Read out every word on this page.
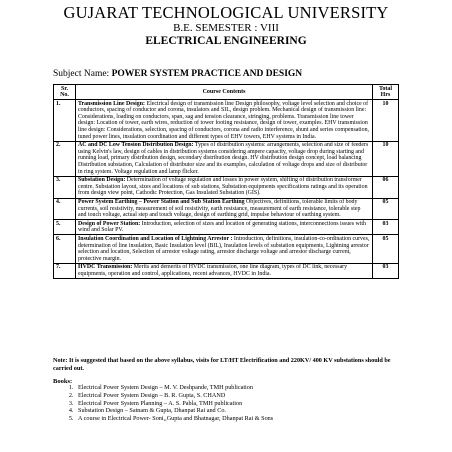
GUJARAT TECHNOLOGICAL UNIVERSITY
B.E. SEMESTER : VIII
ELECTRICAL ENGINEERING
Subject Name: POWER SYSTEM PRACTICE AND DESIGN
Sr. No.	Course Contents	Total Hrs
1.	Transmission Line Design: Electrical design of transmission line Design philosophy, voltage level selection and choice of conductors, spacing of conductor and corona, insulators and SIL, design problem. Mechanical design of transmission line: Considerations, loading on conductors, span, sag and tension clearance, stringing, problems. Transmission line tower design: Location of tower, earth wires, reduction of tower footing resistance, design of tower, examples. EHV transmission line design: Considerations, selection, spacing of conductors, corona and radio interference, shunt and series compensation, tuned power lines, insulation coordination and different types of EHV towers, EHV systems in India.	10
2.	AC and DC Low Tension Distribution Design: Types of distribution systems: arrangements, selection and size of feeders using Kelvin's law, design of cables in distribution systems considering ampere capacity, voltage drop during starting and running load, primary distribution design, secondary distribution design. HV distribution design concept, load balancing Distribution substation, Calculation of distributor size and its examples, calculation of voltage drops and size of distributor in ring system. Voltage regulation and lamp flicker.	10
3.	Substation Design: Determination of voltage regulation and losses in power system, shifting of distribution transformer centre. Substation layout, sizes and locations of sub stations, Substation equipments specifications ratings and its operation from design view point, Cathodic Protection, Gas Insulated Substation (GIS).	06
4.	Power System Earthing – Power Station and Sub Station Earthing Objectives, definitions, tolerable limits of body currents, soil resistivity, measurement of soil resistivity, earth resistance, measurement of earth resistance, tolerable step and touch voltage, actual step and touch voltage, design of earthing grid, impulse behaviour of earthing system.	05
5.	Design of Power Station: Introduction, selection of sizes and location of generating stations, interconnections issues with wind and Solar PV.	03
6.	Insulation Coordination and Location of Lightning Arrestor : Introduction, definitions, insulation-co-ordination curves, determination of line insulation, Basic Insulation level (BIL), Insulation levels of substation equipments, Lightning arrestor selection and location, Selection of arrestor voltage rating, arrestor discharge voltage and arrestor discharge current, protective margin.	05
7.	HVDC Transmission: Merits and demerits of HVDC transmission, one line diagram, types of DC link, necessary equipments, operation and control, applications, recent advances, HVDC in India.	03
Note: It is suggested that based on the above syllabus, visits for LT/HT Electrification and 220KV/ 400 KV substations should be carried out.
Books:
1. Electrical Power System Design – M. V. Deshpande, TMH publication
2. Electrical Power System Design – B. R. Gupta, S. CHAND
3. Electrical Power System Planning – A. S. Pabla, TMH publication
4. Substation Design – Satnam & Gupta, Dhanpat Rai and Co.
5. A course in Electrical Power- Soni,,Gupta and Bhatnagar, Dhanpat Rai & Sons
